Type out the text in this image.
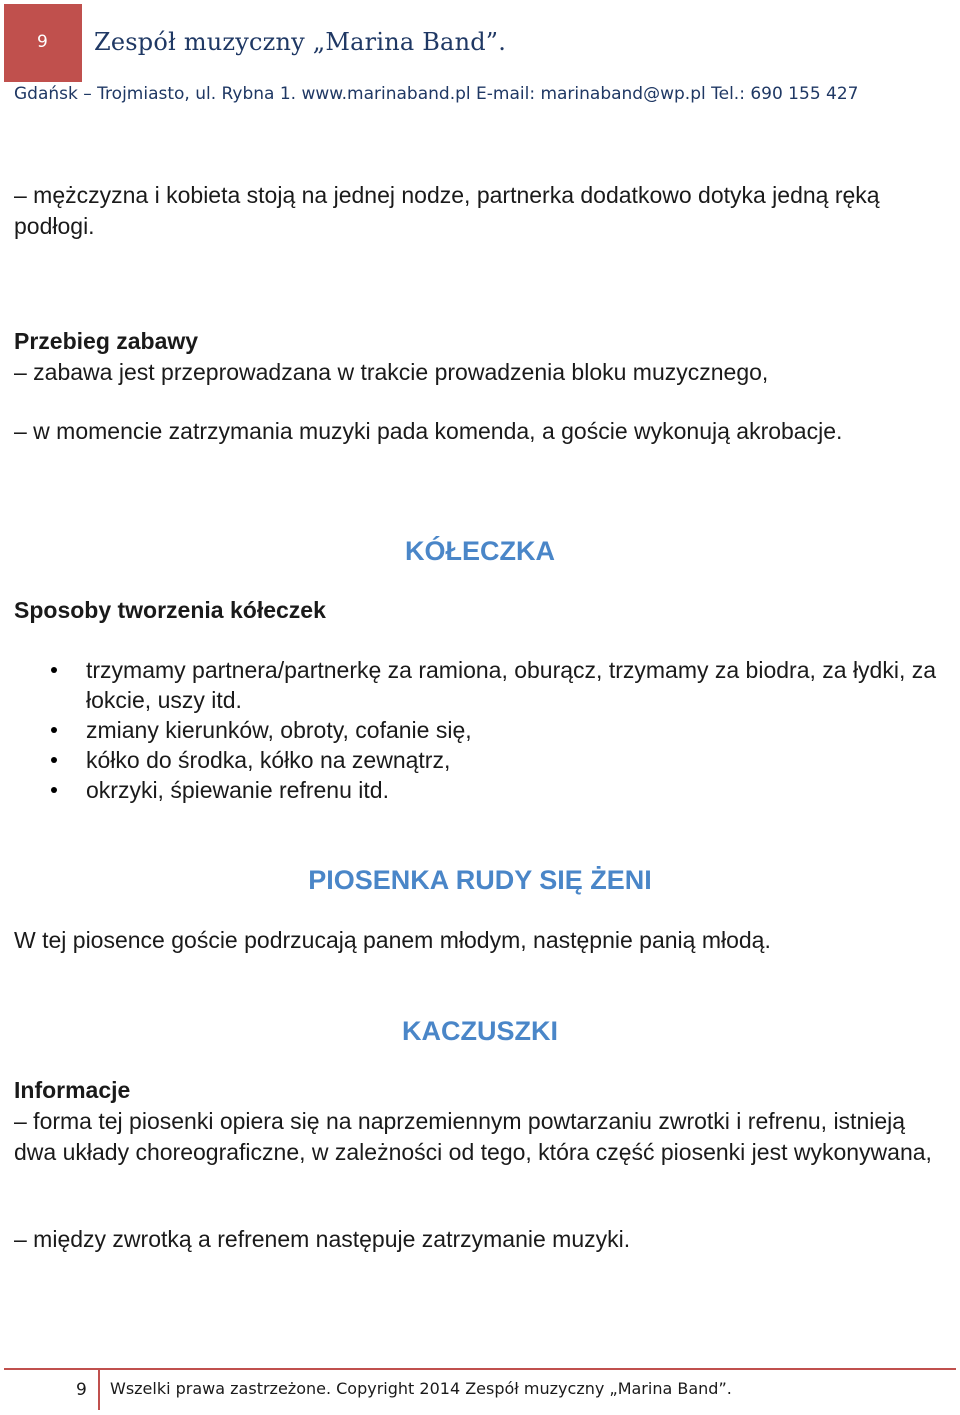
9 Zespół muzyczny „Marina Band”.
Gdańsk – Trojmiasto, ul. Rybna 1. www.marinaband.pl E-mail: marinaband@wp.pl Tel.: 690 155 427
– mężczyzna i kobieta stoją na jednej nodze, partnerka dodatkowo dotyka jedną ręką podłogi.
Przebieg zabawy
– zabawa jest przeprowadzana w trakcie prowadzenia bloku muzycznego,
– w momencie zatrzymania muzyki pada komenda, a goście wykonują akrobacje.
KÓŁECZKA
Sposoby tworzenia kółeczek
trzymamy partnera/partnerkę za ramiona, oburącz, trzymamy za biodra, za łydki, za łokcie, uszy itd.
zmiany kierunków, obroty, cofanie się,
kółko do środka, kółko na zewnątrz,
okrzyki, śpiewanie refrenu itd.
PIOSENKA RUDY SIĘ ŻENI
W tej piosence goście podrzucają panem młodym, następnie panią młodą.
KACZUSZKI
Informacje
– forma tej piosenki opiera się na naprzemiennym powtarzaniu zwrotki i refrenu, istnieją dwa układy choreograficzne, w zależności od tego, która część piosenki jest wykonywana,
– między zwrotką a refrenem następuje zatrzymanie muzyki.
9 Wszelki prawa zastrzeżone. Copyright 2014 Zespół muzyczny „Marina Band”.
